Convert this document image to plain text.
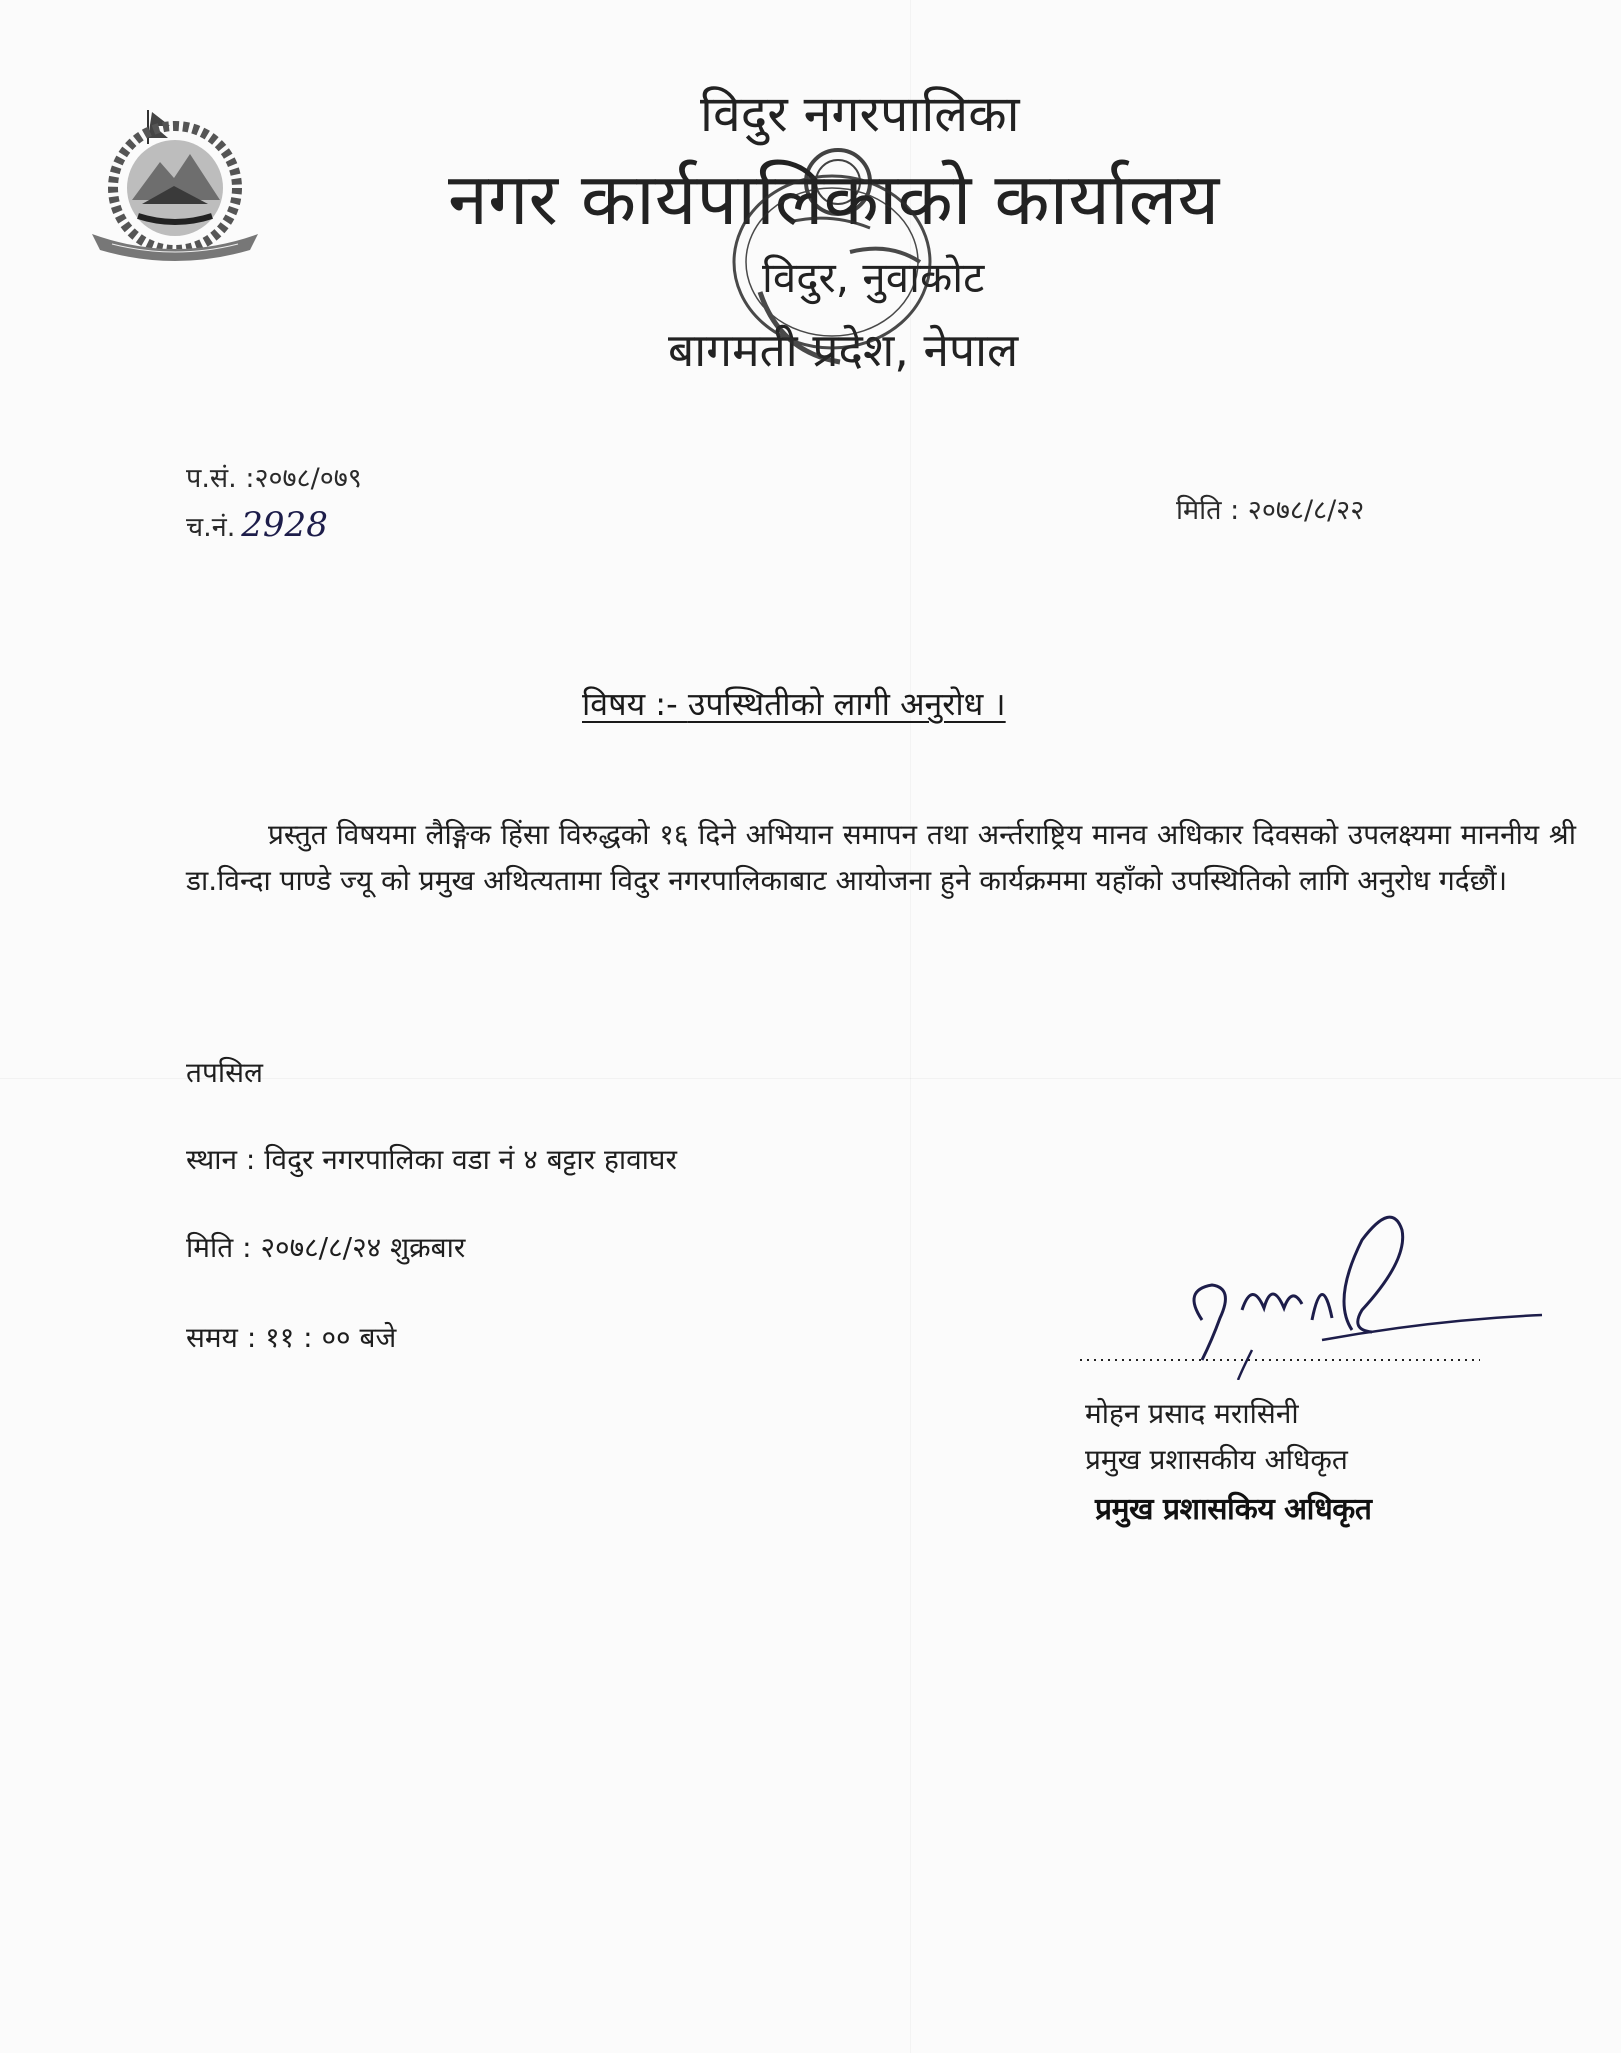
विदुर नगरपालिका
नगर कार्यपालिकाको कार्यालय
विदुर, नुवाकोट
बागमती प्रदेश, नेपाल
प.सं. :२०७८/०७९
च.नं.2928	मिति : २०७८/८/२२
विषय :- उपस्थितीको लागी अनुरोध ।
प्रस्तुत विषयमा लैङ्गिक हिंसा विरुद्धको १६ दिने अभियान समापन तथा अर्न्तराष्ट्रिय मानव अधिकार दिवसको उपलक्ष्यमा माननीय श्री डा.विन्दा पाण्डे ज्यू को प्रमुख अथित्यतामा विदुर नगरपालिकाबाट आयोजना हुने कार्यक्रममा यहाँको उपस्थितिको लागि अनुरोध गर्दछौं।
तपसिल
स्थान : विदुर नगरपालिका वडा नं ४ बट्टार हावाघर
मिति : २०७८/८/२४ शुक्रबार
समय : ११ : ०० बजे
मोहन प्रसाद मरासिनी
प्रमुख प्रशासकीय अधिकृत
प्रमुख प्रशासकिय अधिकृत
